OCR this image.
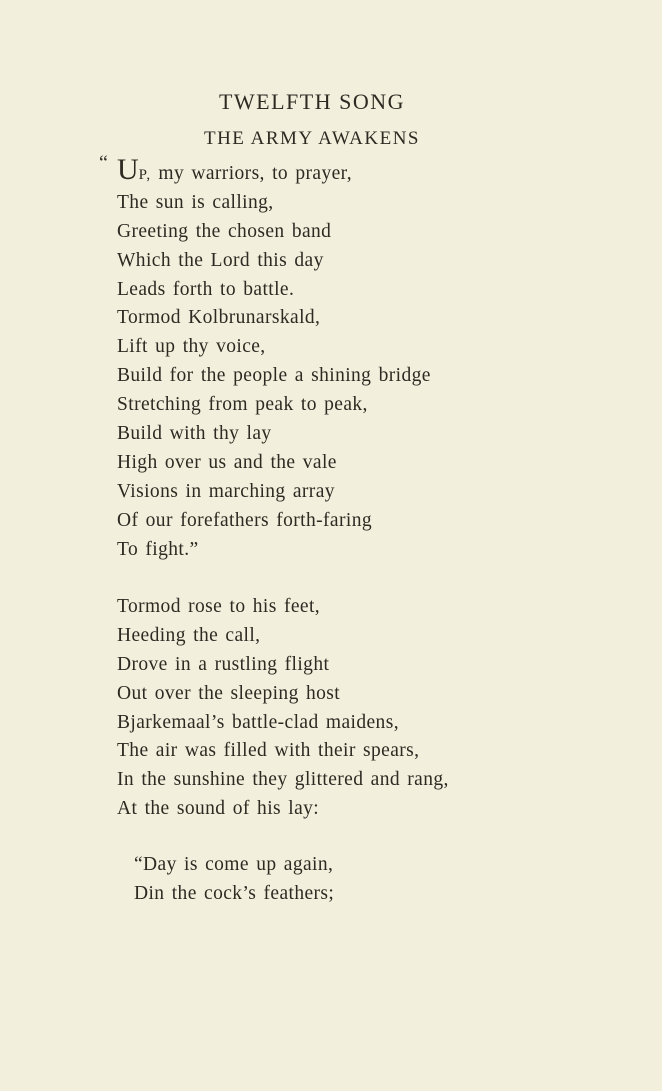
TWELFTH SONG
THE ARMY AWAKENS
“ UP, my warriors, to prayer,
The sun is calling,
Greeting the chosen band
Which the Lord this day
Leads forth to battle.
Tormod Kolbrunarskald,
Lift up thy voice,
Build for the people a shining bridge
Stretching from peak to peak,
Build with thy lay
High over us and the vale
Visions in marching array
Of our forefathers forth-faring
To fight.”
Tormod rose to his feet,
Heeding the call,
Drove in a rustling flight
Out over the sleeping host
Bjarkemaal’s battle-clad maidens,
The air was filled with their spears,
In the sunshine they glittered and rang,
At the sound of his lay:
“Day is come up again,
Din the cock’s feathers;
